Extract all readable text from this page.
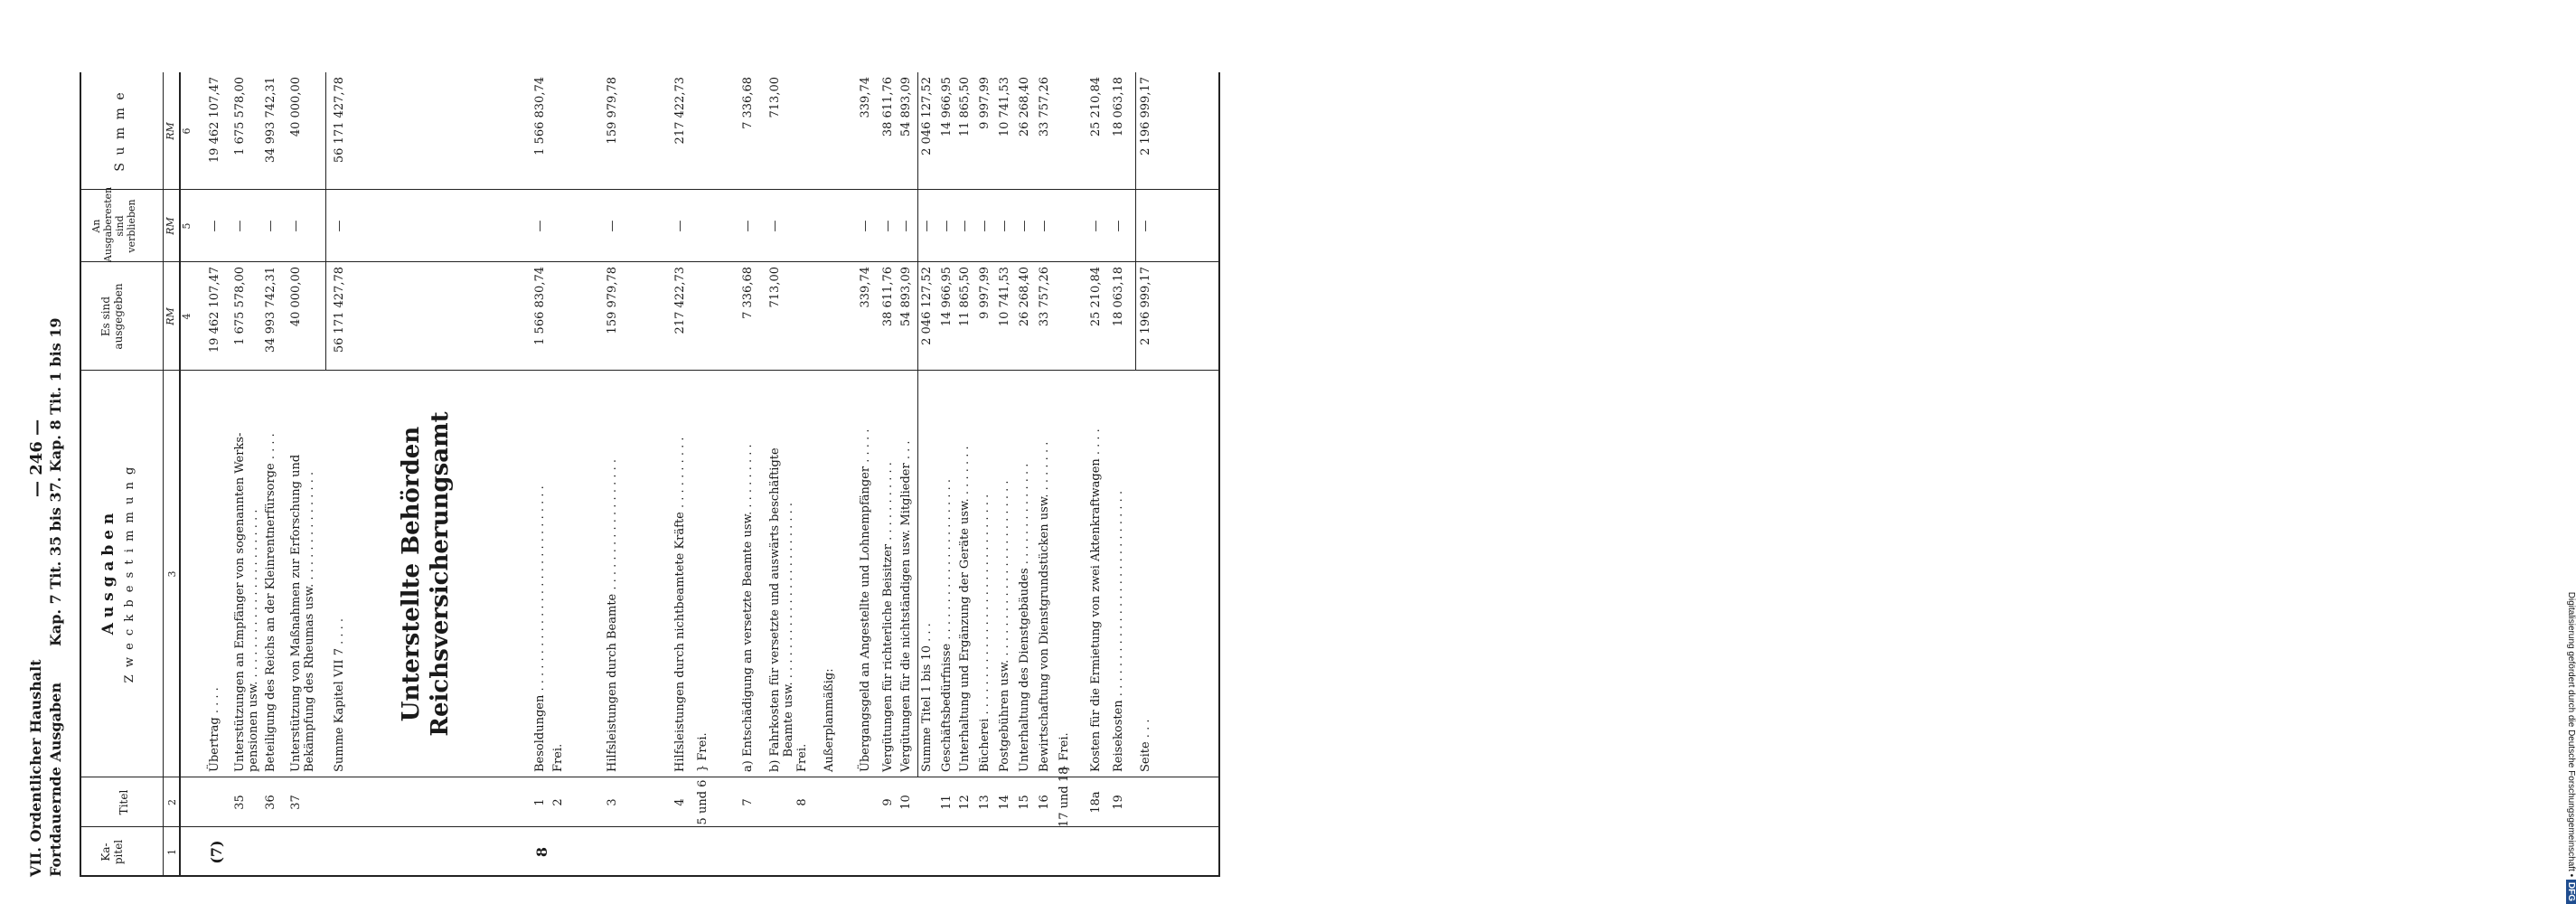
VII. Ordentlicher Haushalt Fortdauernde Ausgaben
— 246 — Kap. 7 Tit. 35 bis 37. Kap. 8 Tit. 1 bis 19
Ka-
pitel
Titel
A u s g a b e n Z w e c k b e s t i m m u n g
Es sind
ausgegeben
An
Ausgaberesten
sind verblieben
S u m m e
RM
RM
RM
1
2
3
4
5
6
Unterstellte Behörden Reichsversicherungsamt
(7)
Übertrag . . . .
19 462 107,47
—
19 462 107,47
35
Unterstützungen an Empfänger von sogenannten Werks-
pensionen usw. . . . . . . . . . . . . . . . . . . . . . . .
1 675 578,00
—
1 675 578,00
36
Beteiligung des Reichs an der Kleinrentnerfürsorge . . . .
34 993 742,31
—
34 993 742,31
37
Unterstützung von Maßnahmen zur Erforschung und
Bekämpfung des Rheumas usw. . . . . . . . . . . . . . . .
40 000,00
—
40 000,00
Summe Kapitel VII 7 . . . .
56 171 427,78
—
56 171 427,78
8
1
Besoldungen . . . . . . . . . . . . . . . . . . . . . . . . . . . .
1 566 830,74
—
1 566 830,74
2
Frei.
3
Hilfsleistungen durch Beamte . . . . . . . . . . . . . . . . . .
159 979,78
—
159 979,78
4
Hilfsleistungen durch nichtbeamtete Kräfte . . . . . . . . . .
217 422,73
—
217 422,73
5 und 6
} Frei.
7
a) Entschädigung an versetzte Beamte usw. . . . . . . . . .
7 336,68
—
7 336,68
b) Fahrkosten für versetzte und auswärts beschäftigte
Beamte usw. . . . . . . . . . . . . . . . . . . . . . . . .
713,00
—
713,00
8
Frei. Außerplanmäßig: Übergangsgeld an Angestellte und Lohnempfänger . . . . .
339,74
—
339,74
9
Vergütungen für richterliche Beisitzer . . . . . . . . . . .
38 611,76
—
38 611,76
10
Vergütungen für die nichtständigen usw. Mitglieder . . .
54 893,09
—
54 893,09
Summe Titel 1 bis 10 . . .
2 046 127,52
—
2 046 127,52
11
Geschäftsbedürfnisse . . . . . . . . . . . . . . . . . . . . . .
14 966,95
—
14 966,95
12
Unterhaltung und Ergänzung der Geräte usw. . . . . . . .
11 865,50
—
11 865,50
13
Bücherei . . . . . . . . . . . . . . . . . . . . . . . . . . . . . .
9 997,99
—
9 997,99
14
Postgebühren usw. . . . . . . . . . . . . . . . . . . . . . . . .
10 741,53
—
10 741,53
15
Unterhaltung des Dienstgebäudes . . . . . . . . . . . . . .
26 268,40
—
26 268,40
16
Bewirtschaftung von Dienstgrundstücken usw. . . . . . . .
33 757,26
—
33 757,26
17 und 18
} Frei.
18a
Kosten für die Ermietung von zwei Aktenkraftwagen . . . .
25 210,84
—
25 210,84
19
Reisekosten . . . . . . . . . . . . . . . . . . . . . . . . . . . .
18 063,18
—
18 063,18
Seite . . .
2 196 999,17
—
2 196 999,17
Digitalisierung gefördert durch die Deutsche Forschungsgemeinschaft • DFG
